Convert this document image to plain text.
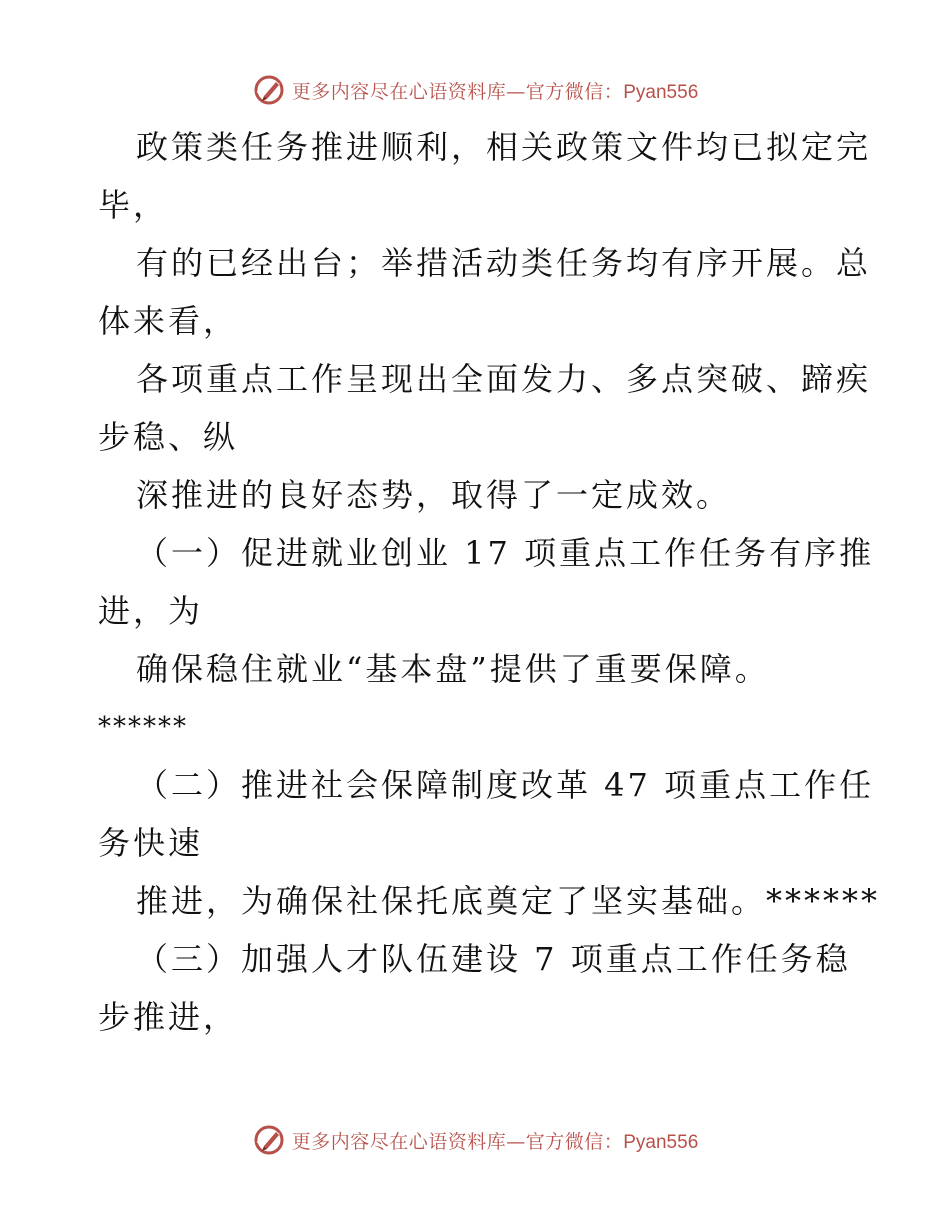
更多内容尽在心语资料库—官方微信：Pyan556
政策类任务推进顺利，相关政策文件均已拟定完
毕，
有的已经出台；举措活动类任务均有序开展。总
体来看，
各项重点工作呈现出全面发力、多点突破、蹄疾
步稳、纵
深推进的良好态势，取得了一定成效。
（一）促进就业创业 17 项重点工作任务有序推
进，为
确保稳住就业“基本盘”提供了重要保障。
******
（二）推进社会保障制度改革 47 项重点工作任
务快速
推进，为确保社保托底奠定了坚实基础。******
（三）加强人才队伍建设 7 项重点工作任务稳
步推进，
更多内容尽在心语资料库—官方微信：Pyan556
